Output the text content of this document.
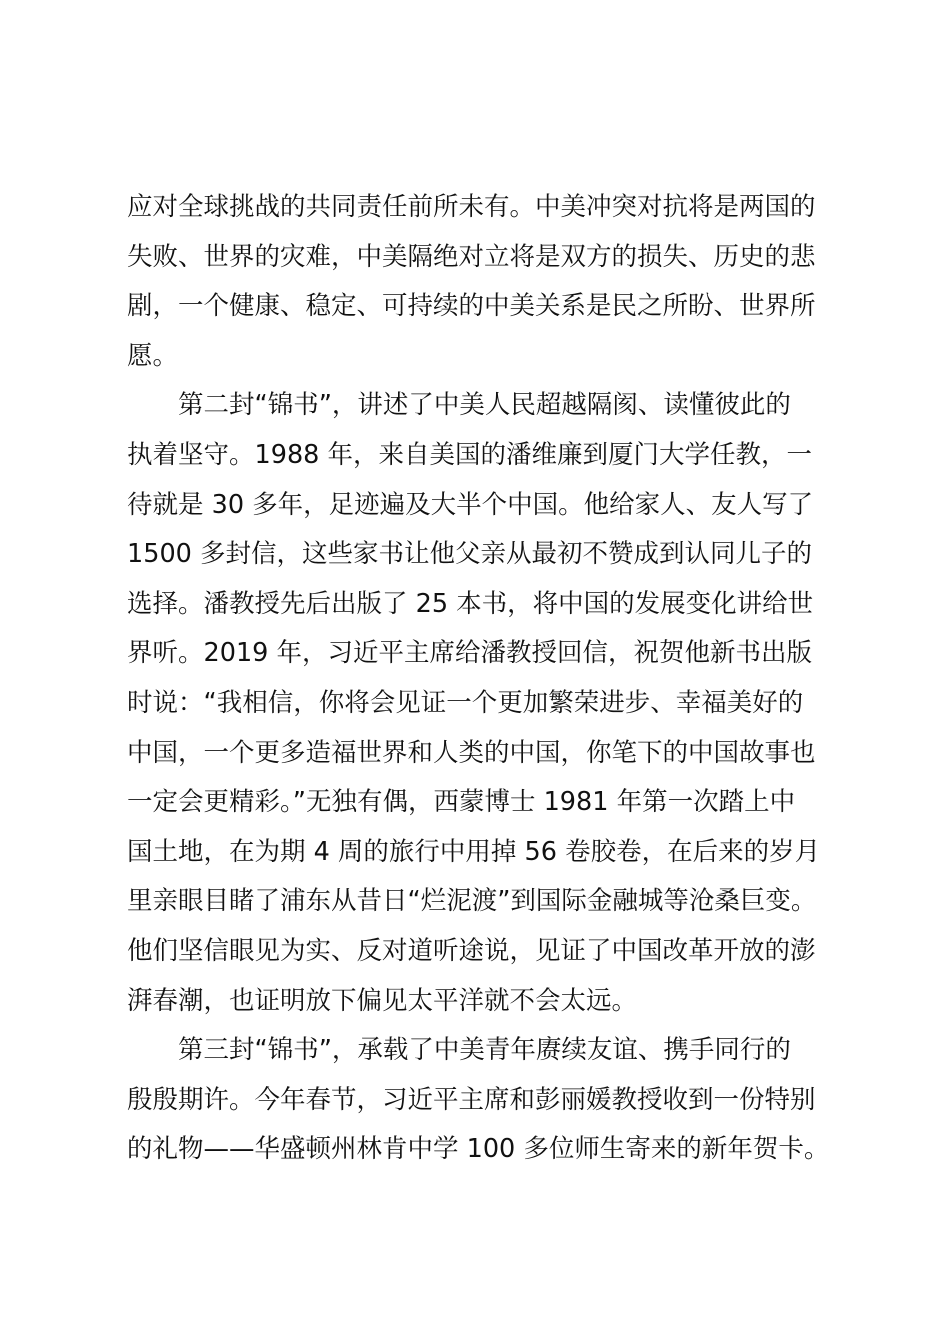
应对全球挑战的共同责任前所未有。中美冲突对抗将是两国的
失败、世界的灾难，中美隔绝对立将是双方的损失、历史的悲
剧，一个健康、稳定、可持续的中美关系是民之所盼、世界所
愿。
第二封“锦书”，讲述了中美人民超越隔阂、读懂彼此的
执着坚守。1988 年，来自美国的潘维廉到厦门大学任教，一
待就是 30 多年，足迹遍及大半个中国。他给家人、友人写了
1500 多封信，这些家书让他父亲从最初不赞成到认同儿子的
选择。潘教授先后出版了 25 本书，将中国的发展变化讲给世
界听。2019 年，习近平主席给潘教授回信，祝贺他新书出版
时说：“我相信，你将会见证一个更加繁荣进步、幸福美好的
中国，一个更多造福世界和人类的中国，你笔下的中国故事也
一定会更精彩。”无独有偶，西蒙博士 1981 年第一次踏上中
国土地，在为期 4 周的旅行中用掉 56 卷胶卷，在后来的岁月
里亲眼目睹了浦东从昔日“烂泥渡”到国际金融城等沧桑巨变。
他们坚信眼见为实、反对道听途说，见证了中国改革开放的澎
湃春潮，也证明放下偏见太平洋就不会太远。
第三封“锦书”，承载了中美青年赓续友谊、携手同行的
殷殷期许。今年春节，习近平主席和彭丽媛教授收到一份特别
的礼物——华盛顿州林肯中学 100 多位师生寄来的新年贺卡。
